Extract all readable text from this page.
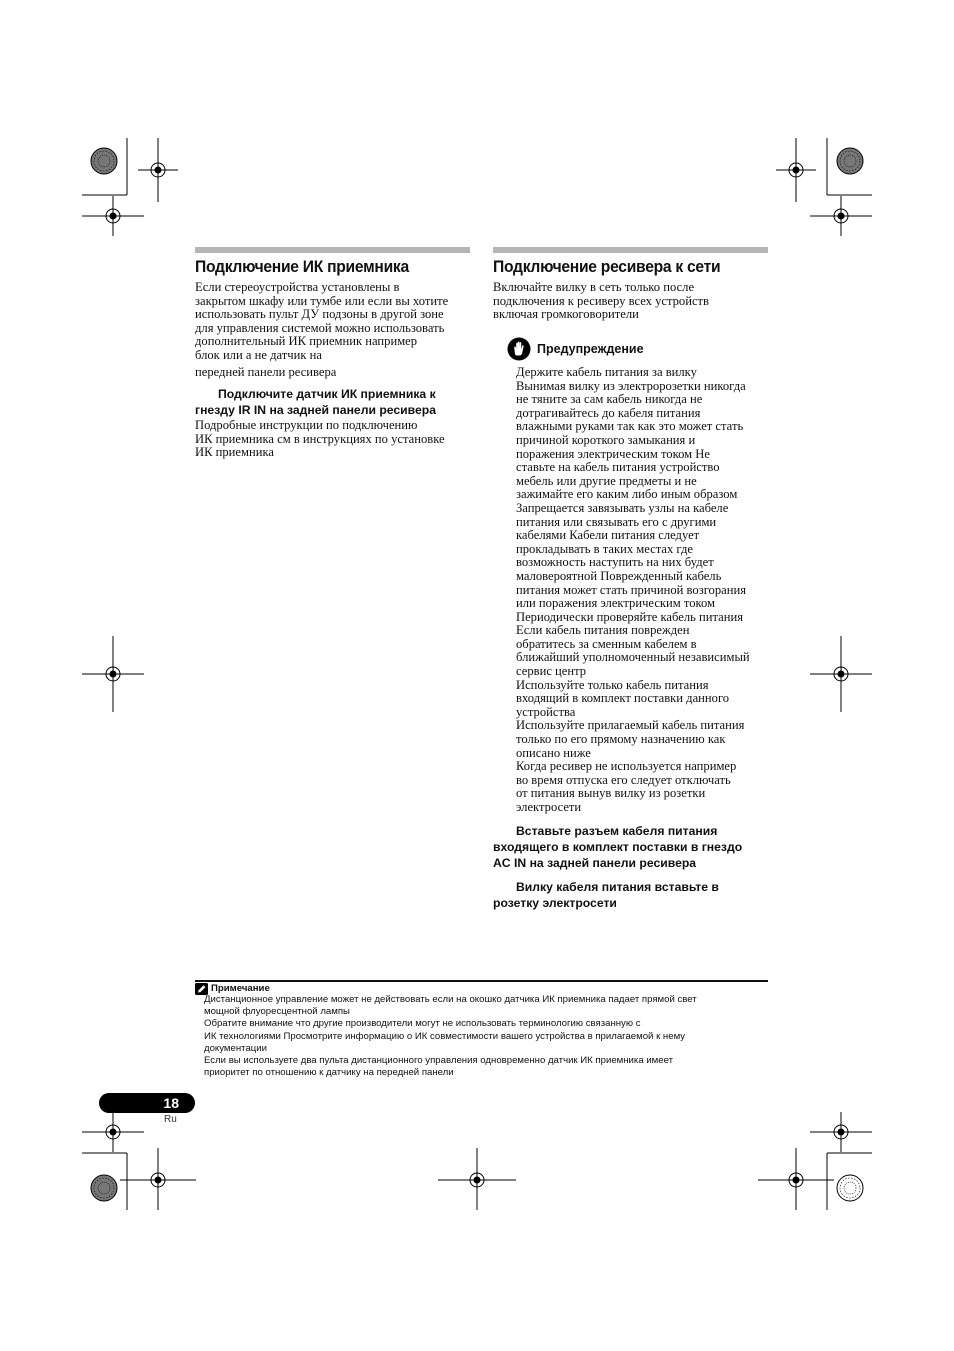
Подключение ИК приемника
Если стереоустройства установлены в
закрытом шкафу или тумбе или если вы хотите
использовать пульт ДУ подзоны в другой зоне
для управления системой можно использовать
дополнительный ИК приемник например
блок или а не датчик на
передней панели ресивера
Подключите датчик ИК приемника к
гнезду IR IN на задней панели ресивера
Подробные инструкции по подключению
ИК приемника см в инструкциях по установке
ИК приемника
Подключение ресивера к сети
Включайте вилку в сеть только после
подключения к ресиверу всех устройств
включая громкоговорители
Предупреждение
Держите кабель питания за вилку
Вынимая вилку из электророзетки никогда
не тяните за сам кабель никогда не
дотрагивайтесь до кабеля питания
влажными руками так как это может стать
причиной короткого замыкания и
поражения электрическим током Не
ставьте на кабель питания устройство
мебель или другие предметы и не
зажимайте его каким либо иным образом
Запрещается завязывать узлы на кабеле
питания или связывать его с другими
кабелями Кабели питания следует
прокладывать в таких местах где
возможность наступить на них будет
маловероятной Поврежденный кабель
питания может стать причиной возгорания
или поражения электрическим током
Периодически проверяйте кабель питания
Если кабель питания поврежден
обратитесь за сменным кабелем в
ближайший уполномоченный независимый
сервис центр
Используйте только кабель питания
входящий в комплект поставки данного
устройства
Используйте прилагаемый кабель питания
только по его прямому назначению как
описано ниже
Когда ресивер не используется например
во время отпуска его следует отключать
от питания вынув вилку из розетки
электросети
Вставьте разъем кабеля питания
входящего в комплект поставки в гнездо
AC IN на задней панели ресивера
Вилку кабеля питания вставьте в
розетку электросети
Примечание
Дистанционное управление может не действовать если на окошко датчика ИК приемника падает прямой свет
мощной флуоресцентной лампы
Обратите внимание что другие производители могут не использовать терминологию связанную с
ИК технологиями Просмотрите информацию о ИК совместимости вашего устройства в прилагаемой к нему
документации
Если вы используете два пульта дистанционного управления одновременно датчик ИК приемника имеет
приоритет по отношению к датчику на передней панели
18
Ru
